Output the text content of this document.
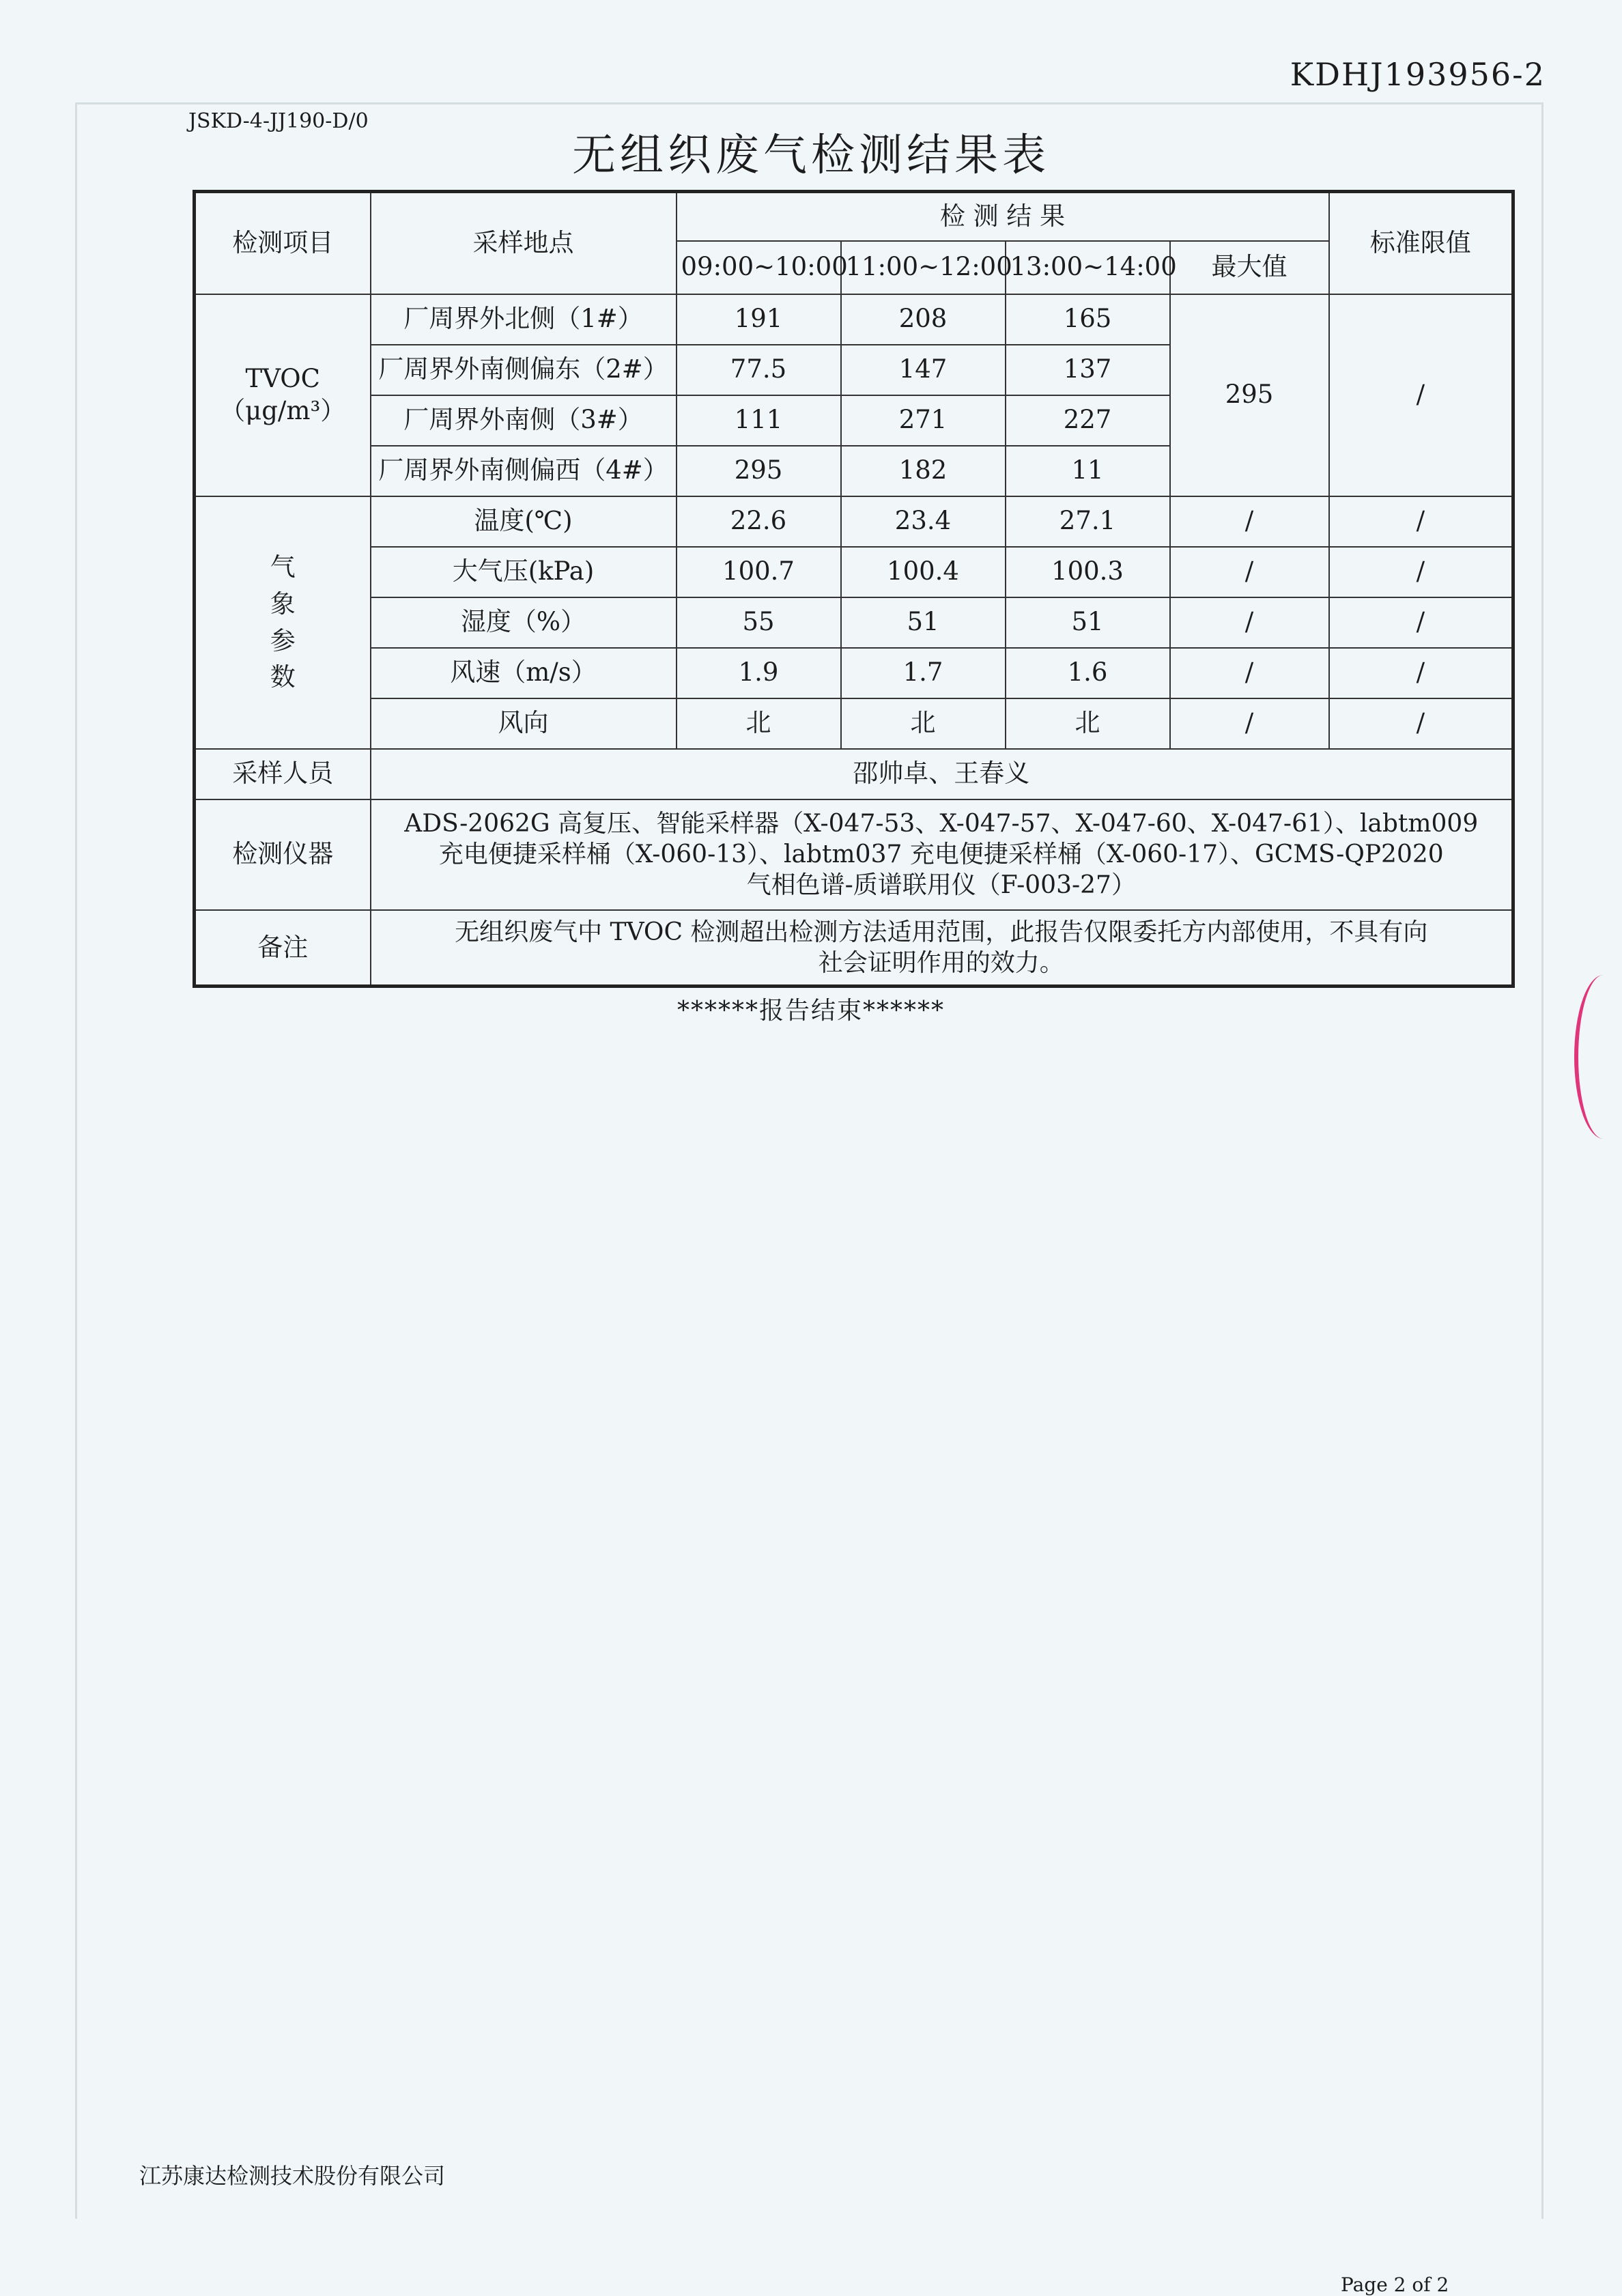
KDHJ193956-2
JSKD-4-JJ190-D/0
无组织废气检测结果表
检测项目	采样地点	检 测 结 果				标准限值
		09:00~10:00	11:00~12:00	13:00~14:00	最大值	
TVOC
（μg/m³）	厂周界外北侧（1#）	191	208	165	295	/
	厂周界外南侧偏东（2#）	77.5	147	137		
	厂周界外南侧（3#）	111	271	227		
	厂周界外南侧偏西（4#）	295	182	11		

气
象
参
数	温度(℃)	22.6	23.4	27.1	/	/
	大气压(kPa)	100.7	100.4	100.3	/	/
	湿度（%）	55	51	51	/	/
	风速（m/s）	1.9	1.7	1.6	/	/
	风向	北	北	北	/	/
采样人员	邵帅卓、王春义					
检测仪器	ADS-2062G 高复压、智能采样器（X-047-53、X-047-57、X-047-60、X-047-61）、labtm009
充电便捷采样桶（X-060-13）、labtm037 充电便捷采样桶（X-060-17）、GCMS-QP2020
气相色谱-质谱联用仪（F-003-27）					
备注	无组织废气中 TVOC 检测超出检测方法适用范围，此报告仅限委托方内部使用，不具有向
社会证明作用的效力。					
******报告结束******
江苏康达检测技术股份有限公司
Page 2 of 2
